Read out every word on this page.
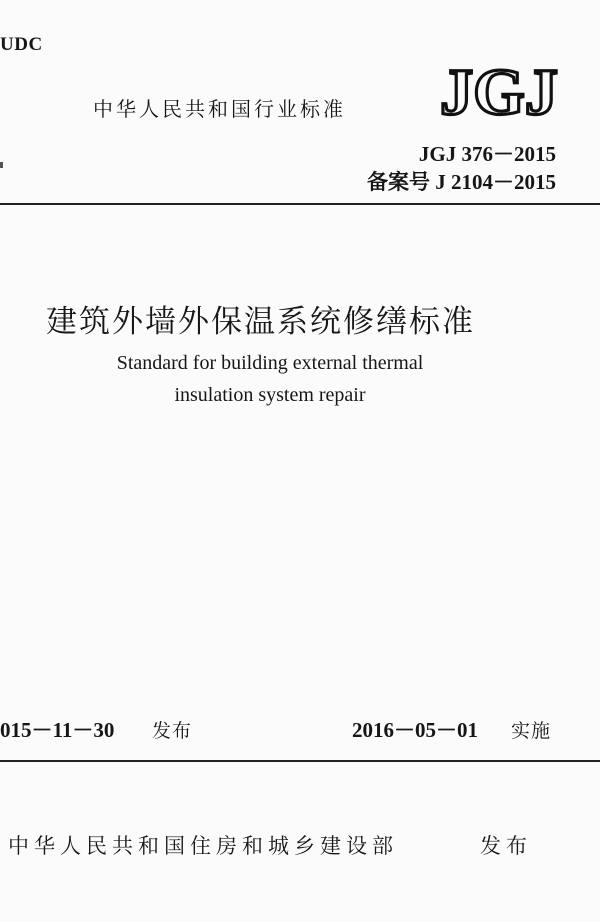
UDC
中华人民共和国行业标准 JGJ
JGJ 376－2015
备案号 J 2104－2015
建筑外墙外保温系统修缮标准
Standard for building external thermal
insulation system repair
015－11－30 发布	2016－05－01 实施
中华人民共和国住房和城乡建设部	发布
